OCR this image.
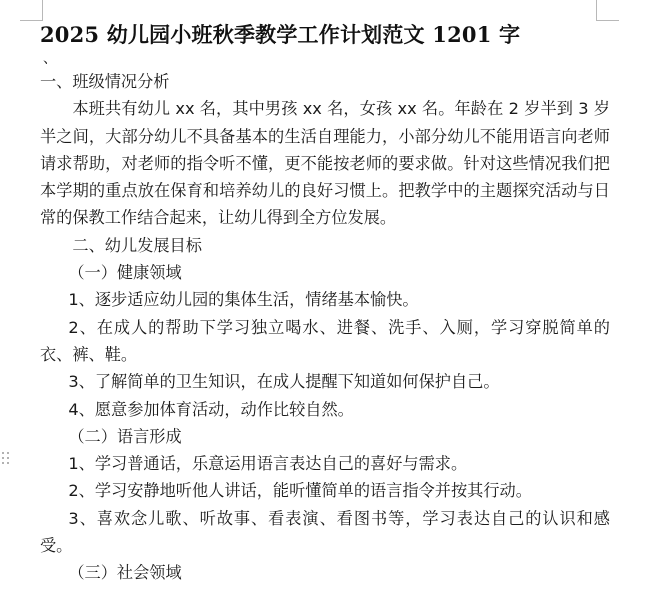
2025 幼儿园小班秋季教学工作计划范文 1201 字
、

一、班级情况分析

本班共有幼儿 xx 名，其中男孩 xx 名，女孩 xx 名。年龄在 2 岁半到 3 岁半之间，大部分幼儿不具备基本的生活自理能力，小部分幼儿不能用语言向老师请求帮助，对老师的指令听不懂，更不能按老师的要求做。针对这些情况我们把本学期的重点放在保育和培养幼儿的良好习惯上。把教学中的主题探究活动与日常的保教工作结合起来，让幼儿得到全方位发展。

二、幼儿发展目标

（一）健康领域

1、逐步适应幼儿园的集体生活，情绪基本愉快。

2、在成人的帮助下学习独立喝水、进餐、洗手、入厕，学习穿脱简单的衣、裤、鞋。

3、了解简单的卫生知识，在成人提醒下知道如何保护自己。

4、愿意参加体育活动，动作比较自然。

（二）语言形成

1、学习普通话，乐意运用语言表达自己的喜好与需求。

2、学习安静地听他人讲话，能听懂简单的语言指令并按其行动。

3、喜欢念儿歌、听故事、看表演、看图书等，学习表达自己的认识和感受。

（三）社会领域
